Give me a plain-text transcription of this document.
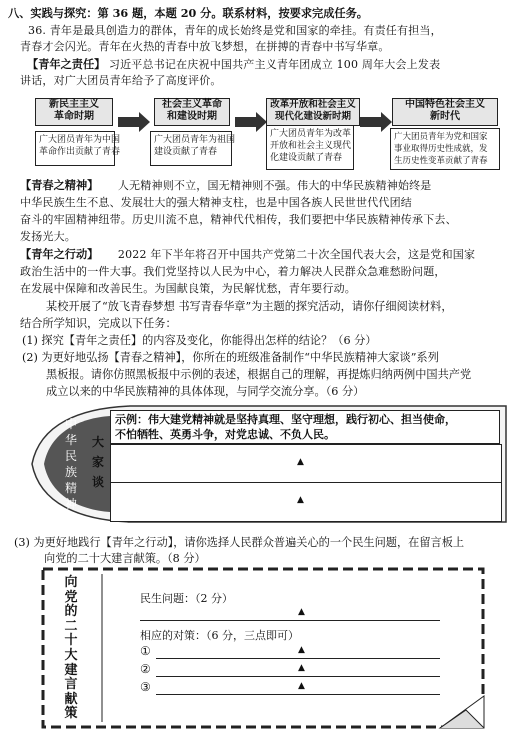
八、实践与探究：第 36 题，本题 20 分。联系材料，按要求完成任务。
36. 青年是最具创造力的群体，青年的成长始终是党和国家的牵挂。有责任有担当，
青春才会闪光。青年在火热的青春中放飞梦想，在拼搏的青春中书写华章。
【青年之责任】 习近平总书记在庆祝中国共产主义青年团成立 100 周年大会上发表
讲话，对广大团员青年给予了高度评价。
新民主主义
革命时期
广大团员青年为中国
革命作出贡献了青春
社会主义革命
和建设时期
广大团员青年为祖国
建设贡献了青春
改革开放和社会主义
现代化建设新时期
广大团员青年为改革
开放和社会主义现代
化建设贡献了青春
中国特色社会主义
新时代
广大团员青年为党和国家
事业取得历史性成就，发
生历史性变革贡献了青春
【青春之精神】 人无精神则不立，国无精神则不强。伟大的中华民族精神始终是
中华民族生生不息、发展壮大的强大精神支柱，也是中国各族人民世世代代团结
奋斗的牢固精神纽带。历史川流不息，精神代代相传，我们要把中华民族精神传承下去、
发扬光大。
【青年之行动】 2022 年下半年将召开中国共产党第二十次全国代表大会，这是党和国家
政治生活中的一件大事。我们党坚持以人民为中心，着力解决人民群众急难愁盼问题，
在发展中保障和改善民生。为国献良策，为民解忧愁，青年要行动。
某校开展了“放飞青春梦想 书写青春华章”为主题的探究活动，请你仔细阅读材料，
结合所学知识，完成以下任务：
(1) 探究【青年之责任】的内容及变化，你能得出怎样的结论？（6 分）
(2) 为更好地弘扬【青春之精神】，你所在的班级准备制作“中华民族精神大家谈”系列
黑板报。请你仿照黑板报中示例的表述，根据自己的理解，再提炼归纳两例中国共产党
成立以来的中华民族精神的具体体现，与同学交流分享。（6 分）
中
华
民
族
精
神
大
家
谈
示例：伟大建党精神就是坚持真理、坚守理想，践行初心、担当使命，
不怕牺牲、英勇斗争，对党忠诚、不负人民。
▲
▲
(3) 为更好地践行【青年之行动】，请你选择人民群众普遍关心的一个民生问题，在留言板上
向党的二十大建言献策。（8 分）
向
党
的
二
十
大
建
言
献
策
民生问题：（2 分）
▲
相应的对策：（6 分，三点即可）
①	▲
②	▲
③	▲
